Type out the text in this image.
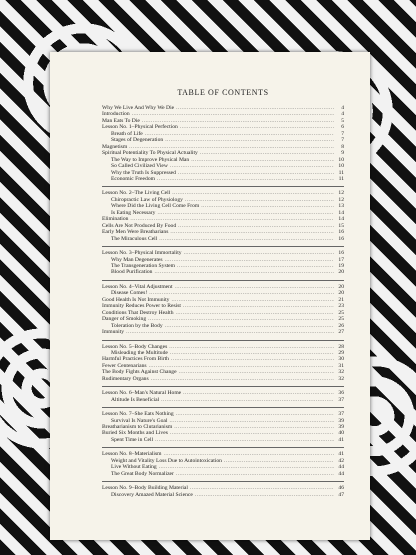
TABLE OF CONTENTS
Why We Live And Why We Die .....	4
Introduction .....	4
Man Eats To Die .....	5
Lesson No. 1–Physical Perfection .....	6
Breath of Life .....	7
Stages of Degeneration .....	7
Magnetism .....	8
Spiritual Potentiality To Physical Actuality .....	9
The Way to Improve Physical Man .....	10
So Called Civilized View .....	10
Why the Truth Is Suppressed .....	11
Economic Freedom .....	11
Lesson No. 2–The Living Cell .....	12
Chiropractic Law of Physiology .....	12
Where Did the Living Cell Come From .....	13
Is Eating Necessary .....	14
Elimination .....	14
Cells Are Not Produced By Food .....	15
Early Men Were Breatharians .....	16
The Miraculous Cell .....	16
Lesson No. 3–Physical Immortality .....	16
Why Man Degenerates .....	17
The Transgeneration System .....	19
Blood Purification .....	20
Lesson No. 4–Vital Adjustment .....	20
Disease Comes! .....	20
Good Health Is Not Immunity .....	21
Immunity Reduces Power to Resist .....	23
Conditions That Destroy Health .....	25
Danger of Smoking .....	25
Toleration by the Body .....	26
Immunity .....	27
Lesson No. 5–Body Changes .....	28
Misleading the Multitude .....	29
Harmful Practices From Birth .....	30
Fewer Centenarians .....	31
The Body Fights Against Change .....	32
Rudimentary Organs .....	32
Lesson No. 6–Man's Natural Home .....	36
Altitude Is Beneficial .....	37
Lesson No. 7–She Eats Nothing .....	37
Survival Is Nature's Goal .....	39
Breatharianism to Clutarianism .....	39
Buried Six Months and Lives .....	40
Spent Time in Cell .....	41
Lesson No. 8–Materialism .....	41
Weight and Vitality Loss Due to Autointoxication .....	42
Live Without Eating .....	44
The Great Body Normalizer .....	44
Lesson No. 9–Body Building Material .....	46
Discovery Amazed Material Science .....	47
